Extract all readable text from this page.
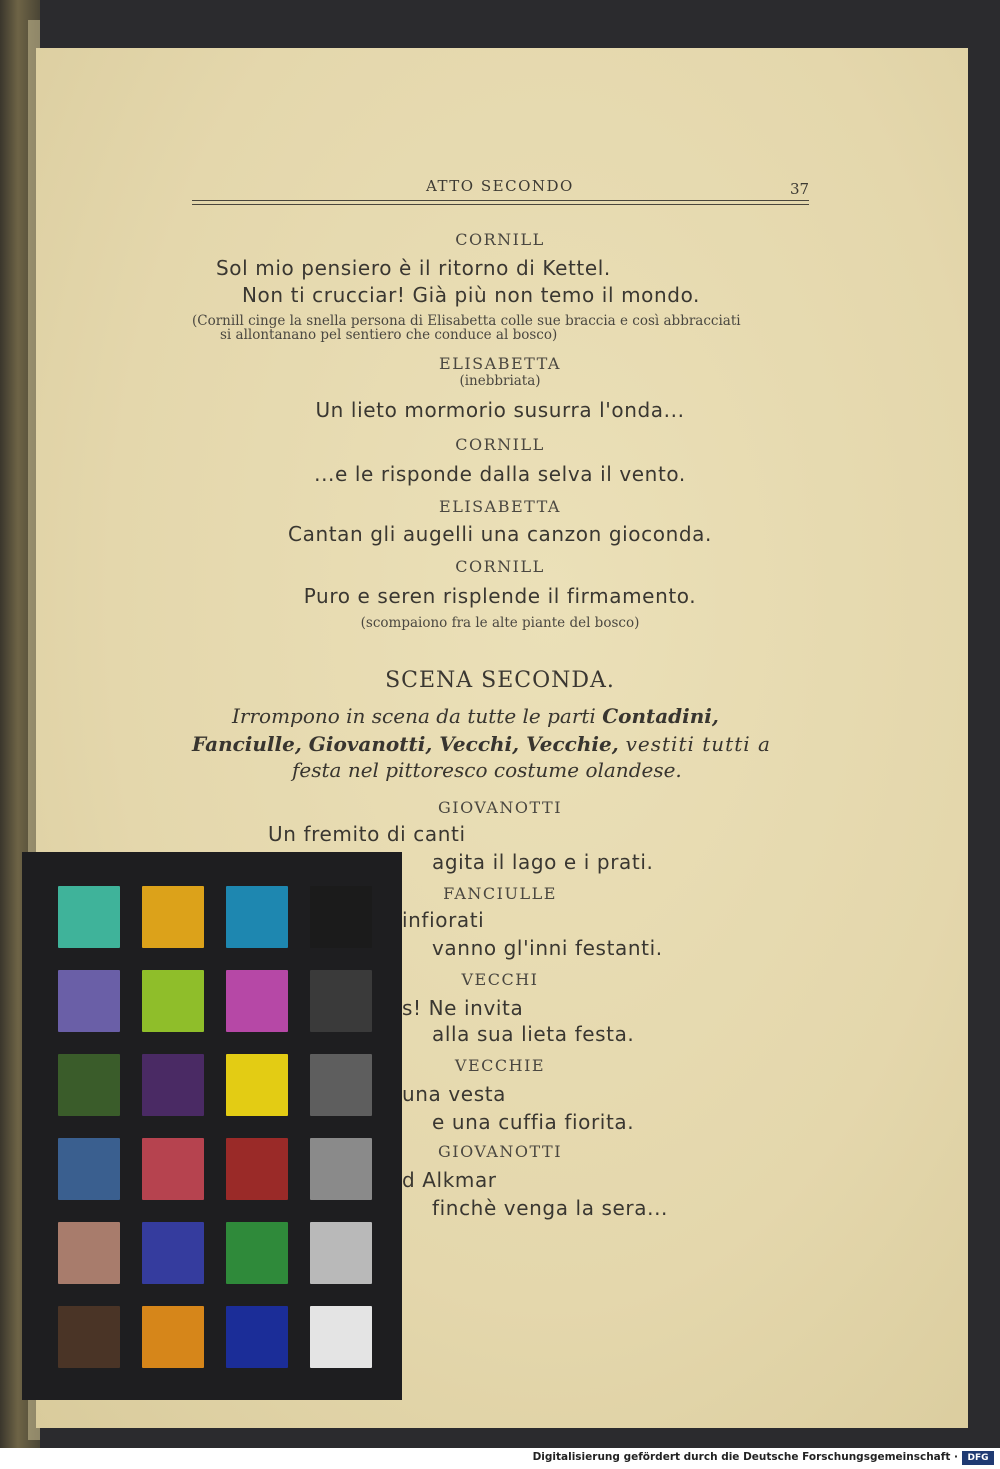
ATTO SECONDO	37
CORNILL
Sol mio pensiero è il ritorno di Kettel.
Non ti crucciar! Già più non temo il mondo.
(Cornill cinge la snella persona di Elisabetta colle sue braccia e così abbracciati
si allontanano pel sentiero che conduce al bosco)
ELISABETTA
(inebbriata)
Un lieto mormorio susurra l'onda...
CORNILL
...e le risponde dalla selva il vento.
ELISABETTA
Cantan gli augelli una canzon gioconda.
CORNILL
Puro e seren risplende il firmamento.
(scompaiono fra le alte piante del bosco)
SCENA SECONDA.
Irrompono in scena da tutte le parti Contadini,
Fanciulle, Giovanotti, Vecchi, Vecchie, vestiti tutti a
festa nel pittoresco costume olandese.
GIOVANOTTI
Un fremito di canti
agita il lago e i prati.
FANCIULLE
infiorati
vanno gl'inni festanti.
VECCHI
s! Ne invita
alla sua lieta festa.
VECCHIE
una vesta
e una cuffia fiorita.
GIOVANOTTI
d Alkmar
finchè venga la sera...
Digitalisierung gefördert durch die Deutsche Forschungsgemeinschaft ·	DFG
